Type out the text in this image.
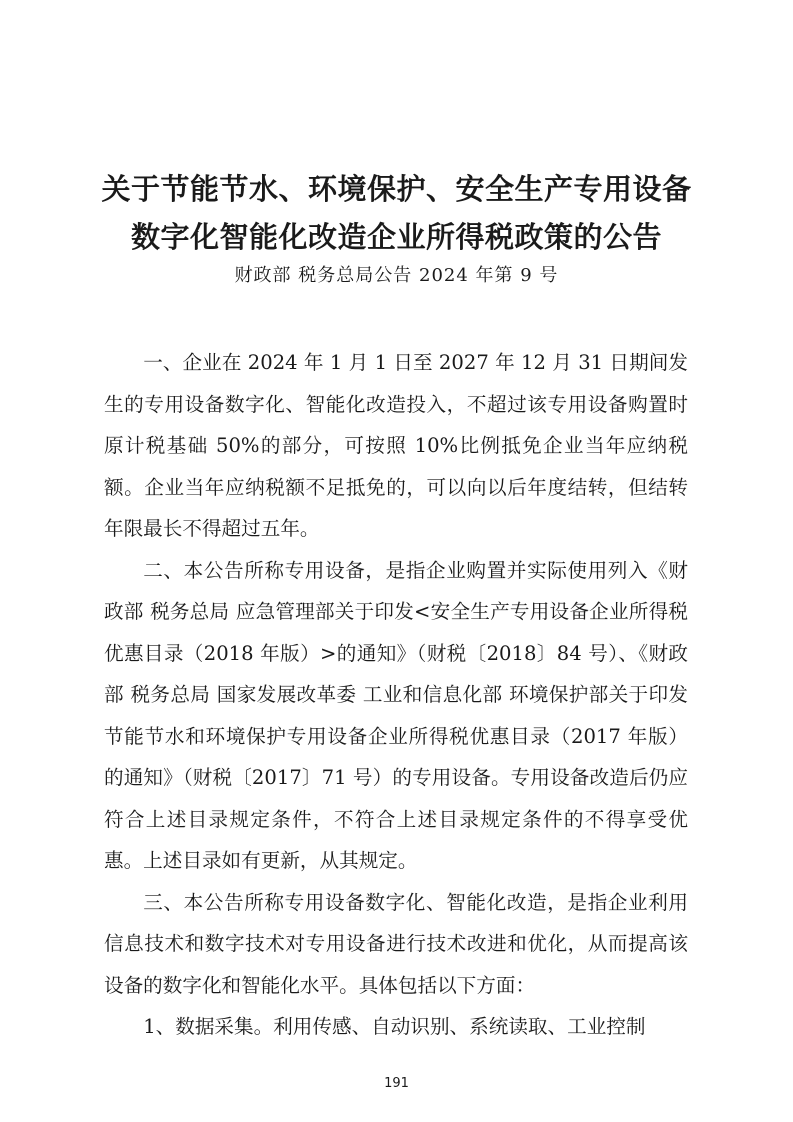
关于节能节水、环境保护、安全生产专用设备
数字化智能化改造企业所得税政策的公告
财政部 税务总局公告 2024 年第 9 号

一、企业在 2024 年 1 月 1 日至 2027 年 12 月 31 日期间发生的专用设备数字化、智能化改造投入，不超过该专用设备购置时原计税基础 50%的部分，可按照 10%比例抵免企业当年应纳税额。企业当年应纳税额不足抵免的，可以向以后年度结转，但结转年限最长不得超过五年。

二、本公告所称专用设备，是指企业购置并实际使用列入《财政部 税务总局 应急管理部关于印发<安全生产专用设备企业所得税优惠目录（2018 年版）>的通知》（财税〔2018〕84 号）、《财政部 税务总局 国家发展改革委 工业和信息化部 环境保护部关于印发节能节水和环境保护专用设备企业所得税优惠目录（2017 年版）的通知》（财税〔2017〕71 号）的专用设备。专用设备改造后仍应符合上述目录规定条件，不符合上述目录规定条件的不得享受优惠。上述目录如有更新，从其规定。

三、本公告所称专用设备数字化、智能化改造，是指企业利用信息技术和数字技术对专用设备进行技术改进和优化，从而提高该设备的数字化和智能化水平。具体包括以下方面：

1、数据采集。利用传感、自动识别、系统读取、工业控制

191
